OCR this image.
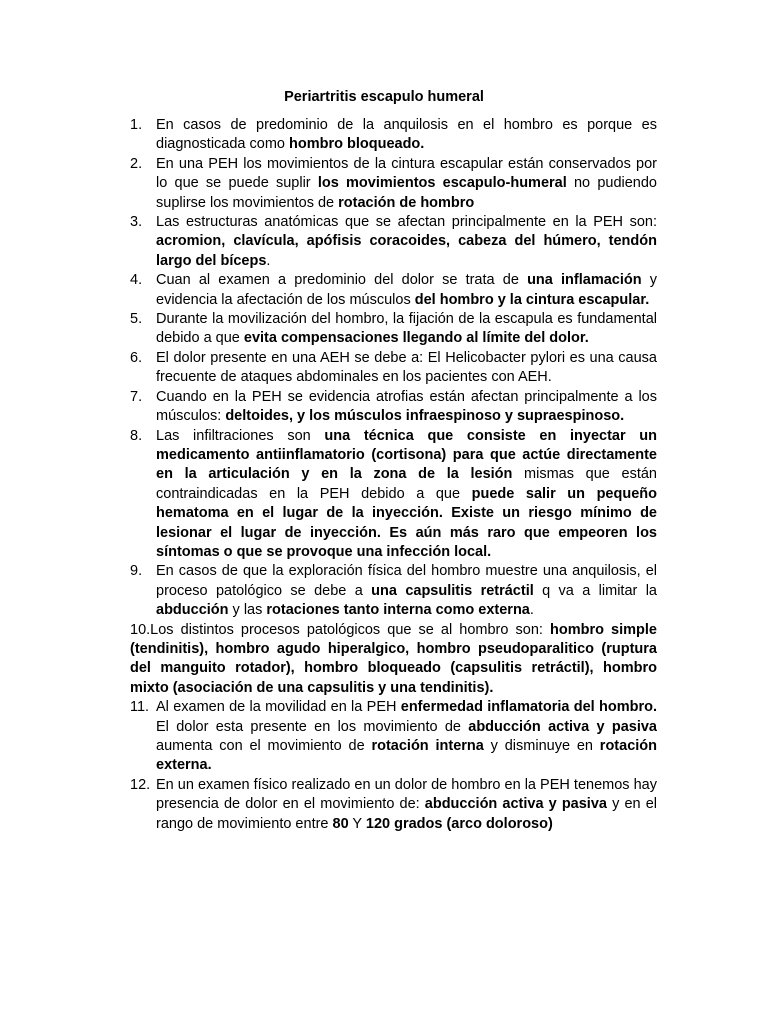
Periartritis escapulo humeral
1. En casos de predominio de la anquilosis en el hombro es porque es diagnosticada como hombro bloqueado.
2. En una PEH los movimientos de la cintura escapular están conservados por lo que se puede suplir los movimientos escapulo-humeral no pudiendo suplirse los movimientos de rotación de hombro
3. Las estructuras anatómicas que se afectan principalmente en la PEH son: acromion, clavícula, apófisis coracoides, cabeza del húmero, tendón largo del bíceps.
4. Cuan al examen a predominio del dolor se trata de una inflamación y evidencia la afectación de los músculos del hombro y la cintura escapular.
5. Durante la movilización del hombro, la fijación de la escapula es fundamental debido a que evita compensaciones llegando al límite del dolor.
6. El dolor presente en una AEH se debe a: El Helicobacter pylori es una causa frecuente de ataques abdominales en los pacientes con AEH.
7. Cuando en la PEH se evidencia atrofias están afectan principalmente a los músculos: deltoides, y los músculos infraespinoso y supraespinoso.
8. Las infiltraciones son una técnica que consiste en inyectar un medicamento antiinflamatorio (cortisona) para que actúe directamente en la articulación y en la zona de la lesión mismas que están contraindicadas en la PEH debido a que puede salir un pequeño hematoma en el lugar de la inyección. Existe un riesgo mínimo de lesionar el lugar de inyección. Es aún más raro que empeoren los síntomas o que se provoque una infección local.
9. En casos de que la exploración física del hombro muestre una anquilosis, el proceso patológico se debe a una capsulitis retráctil q va a limitar la abducción y las rotaciones tanto interna como externa.
10.Los distintos procesos patológicos que se al hombro son: hombro simple (tendinitis), hombro agudo hiperalgico, hombro pseudoparalitico (ruptura del manguito rotador), hombro bloqueado (capsulitis retráctil), hombro mixto (asociación de una capsulitis y una tendinitis).
11. Al examen de la movilidad en la PEH enfermedad inflamatoria del hombro. El dolor esta presente en los movimiento de abducción activa y pasiva aumenta con el movimiento de rotación interna y disminuye en rotación externa.
12. En un examen físico realizado en un dolor de hombro en la PEH tenemos hay presencia de dolor en el movimiento de: abducción activa y pasiva y en el rango de movimiento entre 80 Y 120 grados (arco doloroso)
